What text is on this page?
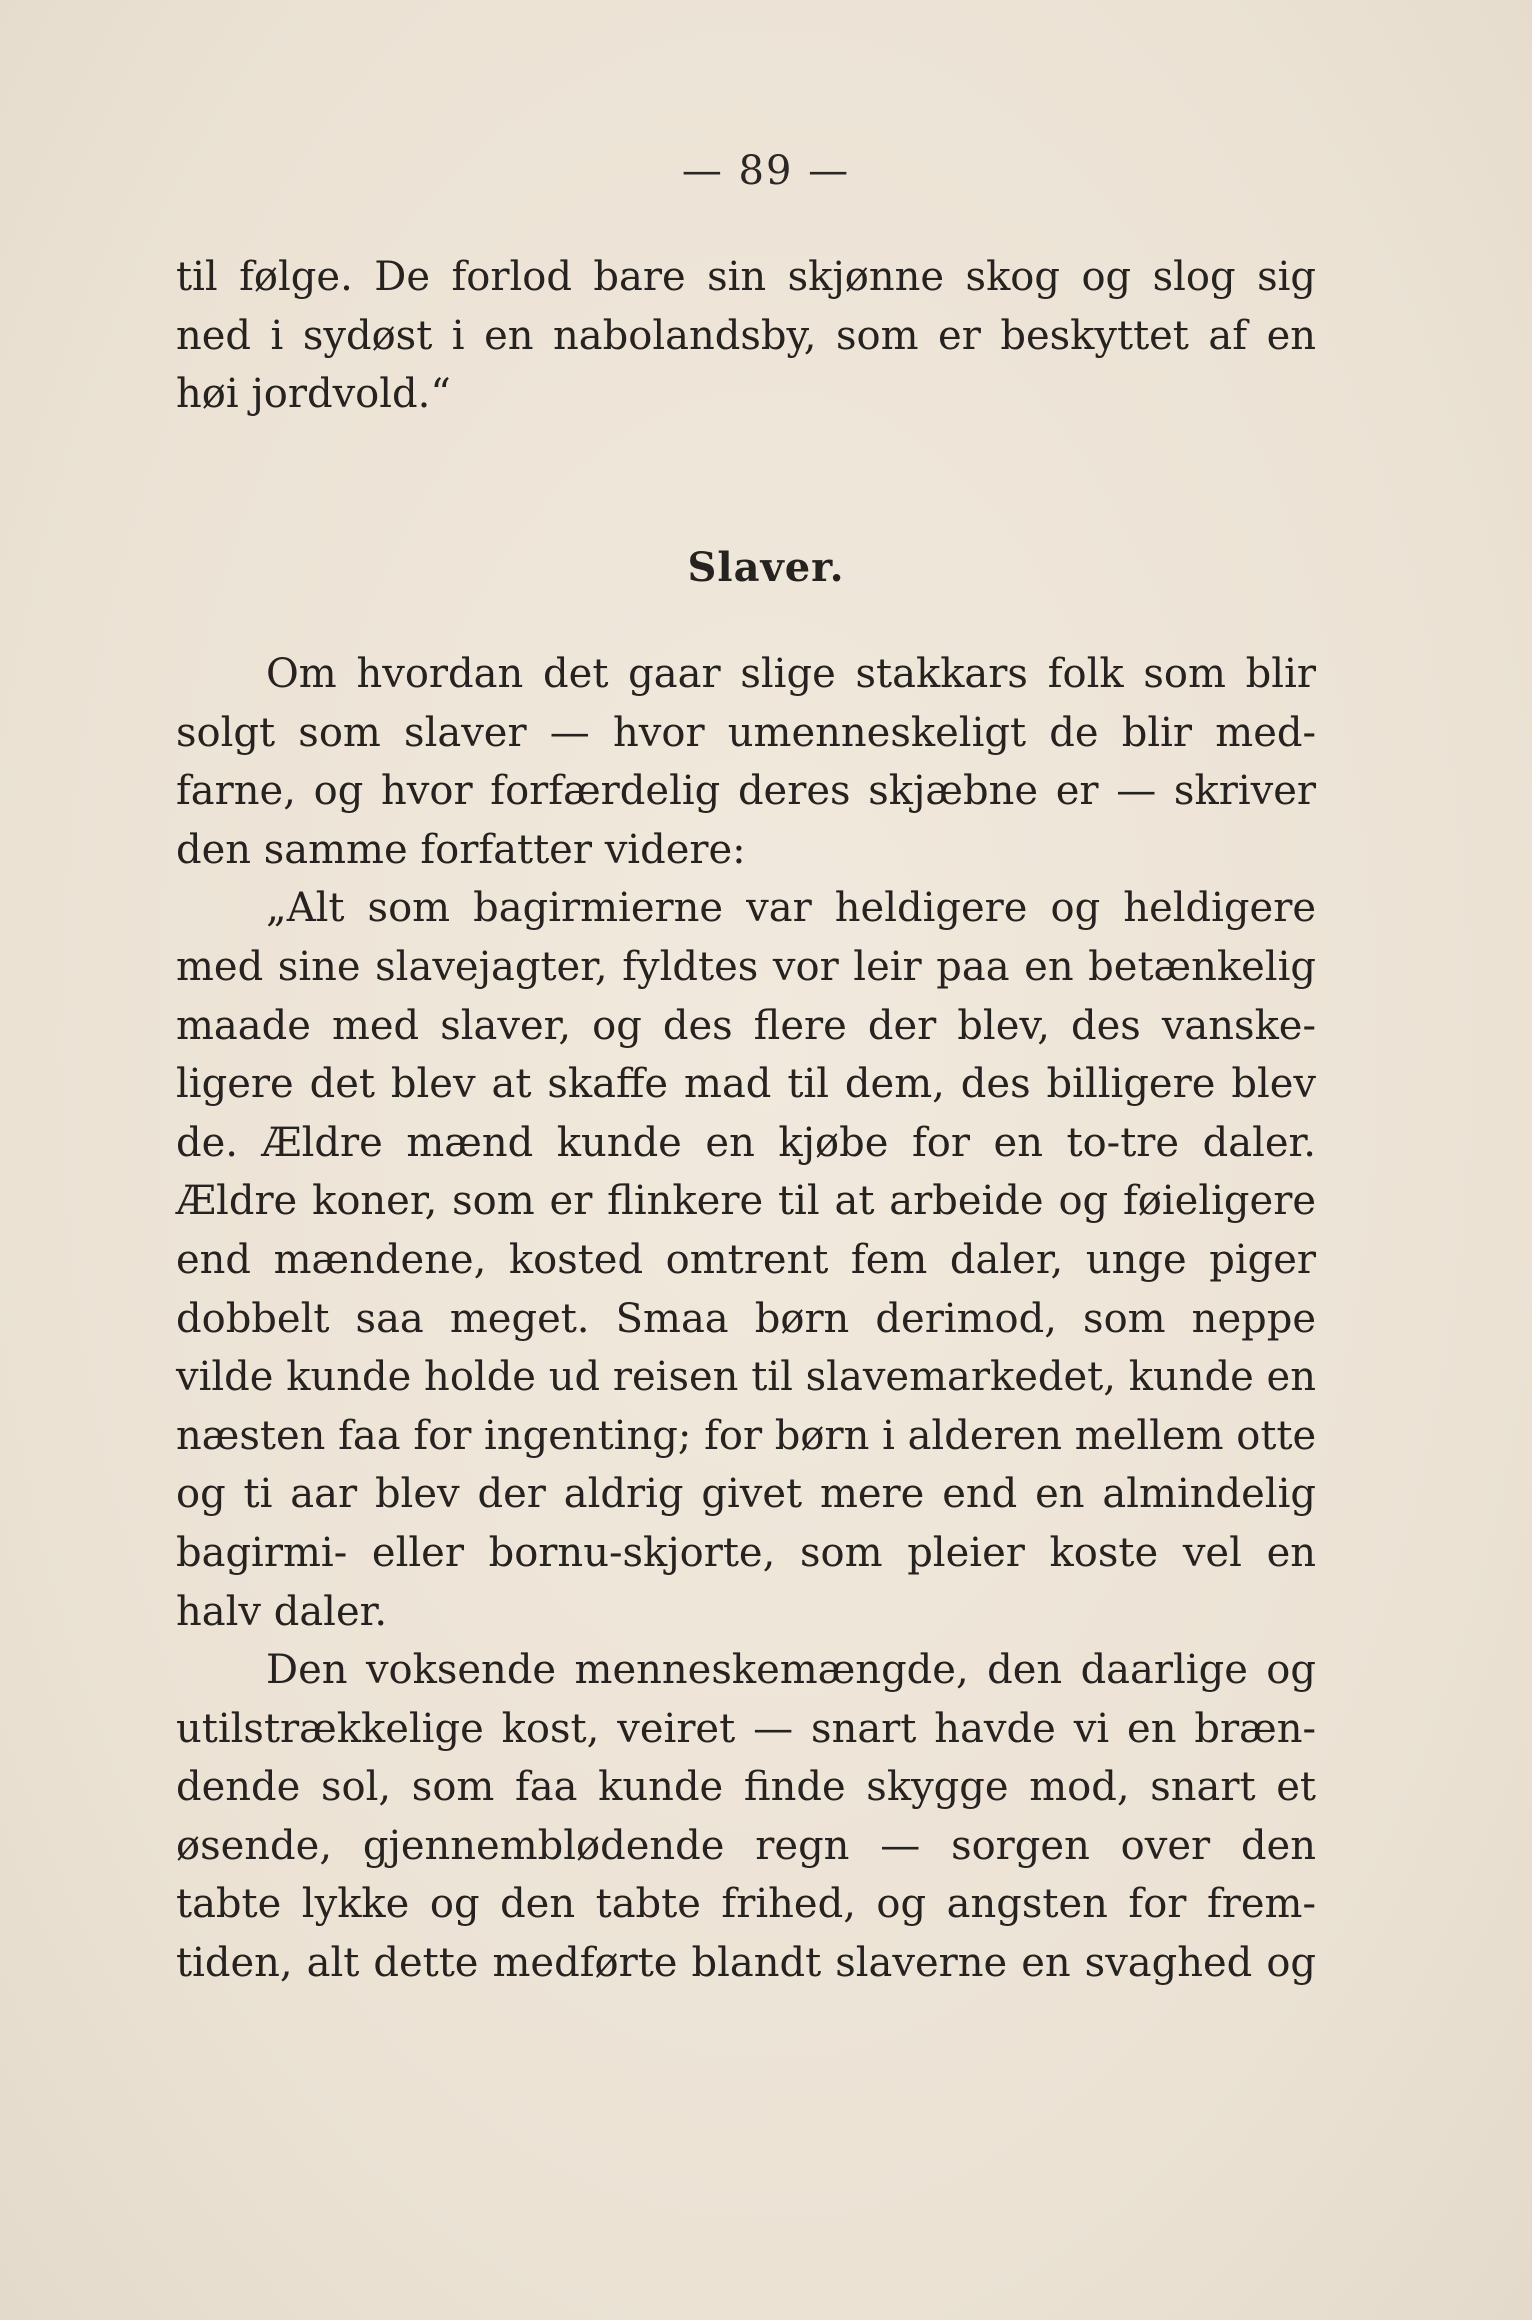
— 89 —
til følge. De forlod bare sin skjønne skog og slog sig
ned i sydøst i en nabolandsby, som er beskyttet af en
høi jordvold.“
Slaver.
Om hvordan det gaar slige stakkars folk som blir
solgt som slaver — hvor umenneskeligt de blir med-
farne, og hvor forfærdelig deres skjæbne er — skriver
den samme forfatter videre:
„Alt som bagirmierne var heldigere og heldigere
med sine slavejagter, fyldtes vor leir paa en betænkelig
maade med slaver, og des flere der blev, des vanske-
ligere det blev at skaffe mad til dem, des billigere blev
de. Ældre mænd kunde en kjøbe for en to-tre daler.
Ældre koner, som er flinkere til at arbeide og føieligere
end mændene, kosted omtrent fem daler, unge piger
dobbelt saa meget. Smaa børn derimod, som neppe
vilde kunde holde ud reisen til slavemarkedet, kunde en
næsten faa for ingenting; for børn i alderen mellem otte
og ti aar blev der aldrig givet mere end en almindelig
bagirmi- eller bornu-skjorte, som pleier koste vel en
halv daler.
Den voksende menneskemængde, den daarlige og
utilstrækkelige kost, veiret — snart havde vi en bræn-
dende sol, som faa kunde finde skygge mod, snart et
øsende, gjennemblødende regn — sorgen over den
tabte lykke og den tabte frihed, og angsten for frem-
tiden, alt dette medførte blandt slaverne en svaghed og
